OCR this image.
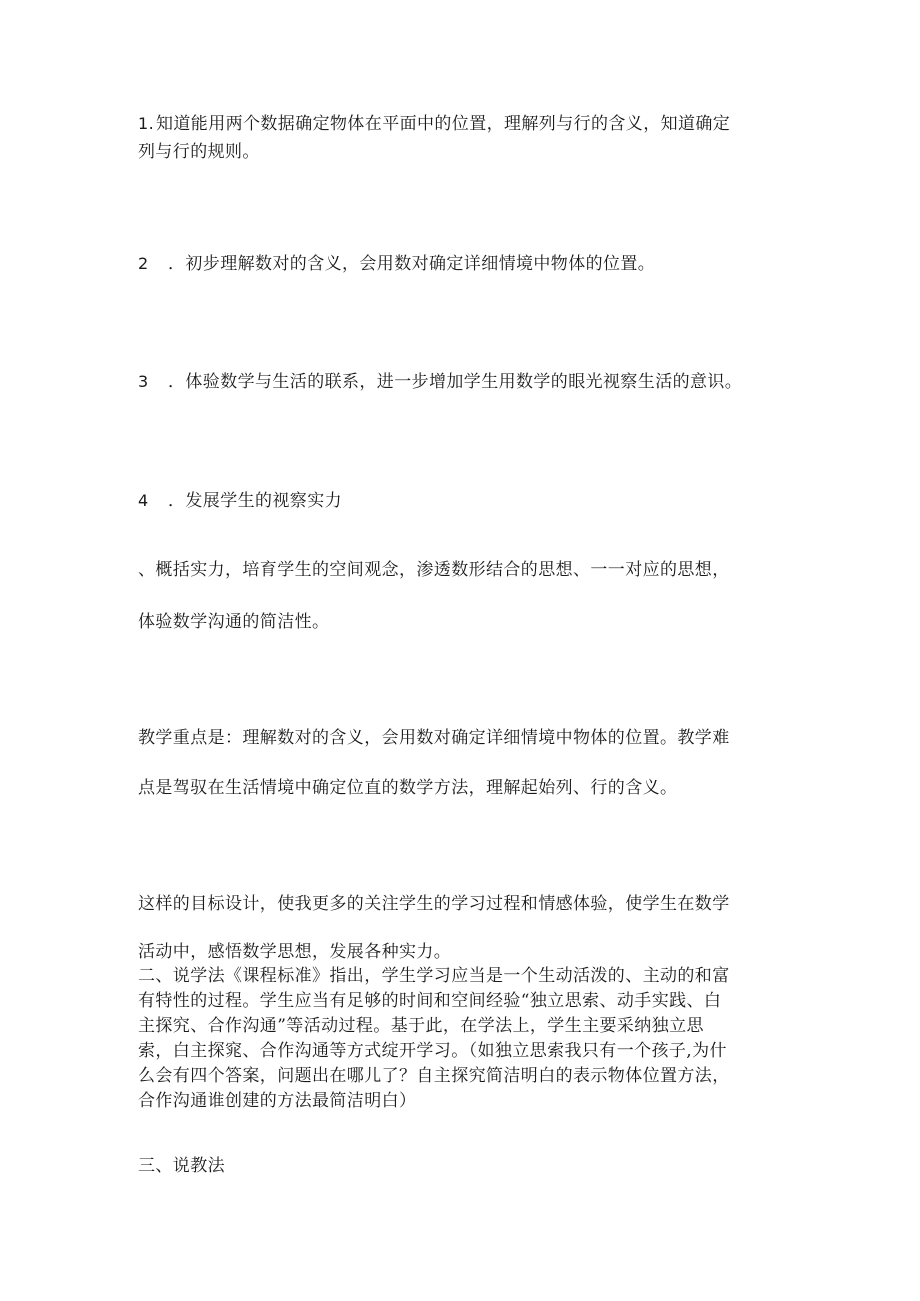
1. 知道能用两个数据确定物体在平面中的位置，理解列与行的含义，知道确定
列与行的规则。
2 ．初步理解数对的含义，会用数对确定详细情境中物体的位置。
3 ．体验数学与生活的联系，进一步增加学生用数学的眼光视察生活的意识。
4 ．发展学生的视察实力
、概括实力，培育学生的空间观念，渗透数形结合的思想、一一对应的思想，
体验数学沟通的简洁性。
教学重点是：理解数对的含义，会用数对确定详细情境中物体的位置。教学难
点是驾驭在生活情境中确定位直的数学方法，理解起始列、行的含义。
这样的目标设计，使我更多的关注学生的学习过程和情感体验，使学生在数学
活动中，感悟数学思想，发展各种实力。
二、说学法《课程标准》指出，学生学习应当是一个生动活泼的、主动的和富
有特性的过程。学生应当有足够的时间和空间经验“独立思索、动手实践、白
主探究、合作沟通”等活动过程。基于此，在学法上，学生主要采纳独立思
索，白主探窕、合作沟通等方式绽开学习。（如独立思索我只有一个孩子,为什
么会有四个答案，问题出在哪儿了？自主探究简洁明白的表示物体位置方法，
合作沟通谁创建的方法最简洁明白）
三、说教法
